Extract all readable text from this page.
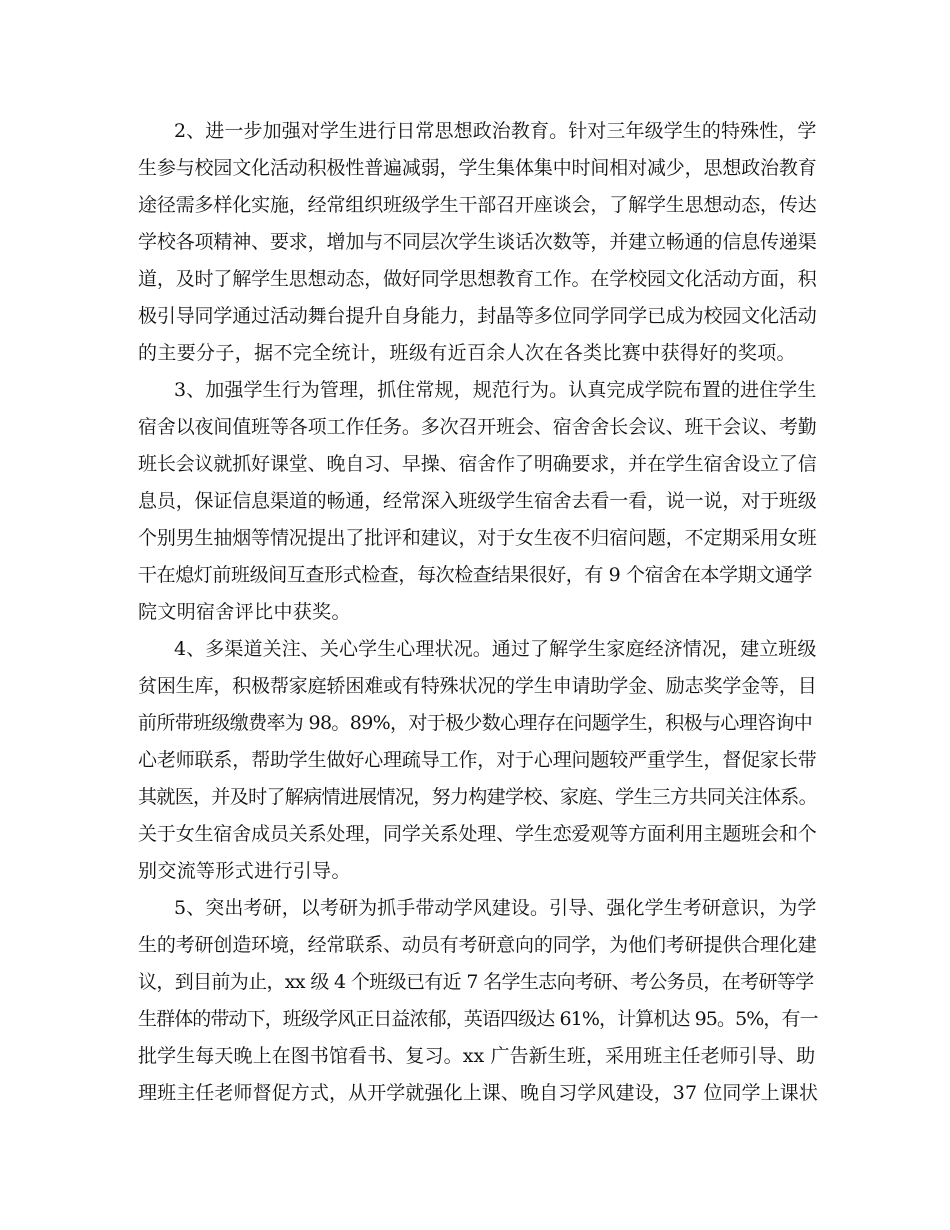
2、进一步加强对学生进行日常思想政治教育。针对三年级学生的特殊性，学
生参与校园文化活动积极性普遍减弱，学生集体集中时间相对减少，思想政治教育
途径需多样化实施，经常组织班级学生干部召开座谈会，了解学生思想动态，传达
学校各项精神、要求，增加与不同层次学生谈话次数等，并建立畅通的信息传递渠
道，及时了解学生思想动态，做好同学思想教育工作。在学校园文化活动方面，积
极引导同学通过活动舞台提升自身能力，封晶等多位同学同学已成为校园文化活动
的主要分子，据不完全统计，班级有近百余人次在各类比赛中获得好的奖项。
3、加强学生行为管理，抓住常规，规范行为。认真完成学院布置的进住学生
宿舍以夜间值班等各项工作任务。多次召开班会、宿舍舍长会议、班干会议、考勤
班长会议就抓好课堂、晚自习、早操、宿舍作了明确要求，并在学生宿舍设立了信
息员，保证信息渠道的畅通，经常深入班级学生宿舍去看一看，说一说，对于班级
个别男生抽烟等情况提出了批评和建议，对于女生夜不归宿问题，不定期采用女班
干在熄灯前班级间互查形式检查，每次检查结果很好，有 9 个宿舍在本学期文通学
院文明宿舍评比中获奖。
4、多渠道关注、关心学生心理状况。通过了解学生家庭经济情况，建立班级
贫困生库，积极帮家庭轿困难或有特殊状况的学生申请助学金、励志奖学金等，目
前所带班级缴费率为 98。89%，对于极少数心理存在问题学生，积极与心理咨询中
心老师联系，帮助学生做好心理疏导工作，对于心理问题较严重学生，督促家长带
其就医，并及时了解病情进展情况，努力构建学校、家庭、学生三方共同关注体系。
关于女生宿舍成员关系处理，同学关系处理、学生恋爱观等方面利用主题班会和个
别交流等形式进行引导。
5、突出考研，以考研为抓手带动学风建设。引导、强化学生考研意识，为学
生的考研创造环境，经常联系、动员有考研意向的同学，为他们考研提供合理化建
议，到目前为止，xx 级 4 个班级已有近 7 名学生志向考研、考公务员，在考研等学
生群体的带动下，班级学风正日益浓郁，英语四级达 61%，计算机达 95。5%，有一
批学生每天晚上在图书馆看书、复习。xx 广告新生班，采用班主任老师引导、助
理班主任老师督促方式，从开学就强化上课、晚自习学风建设，37 位同学上课状
